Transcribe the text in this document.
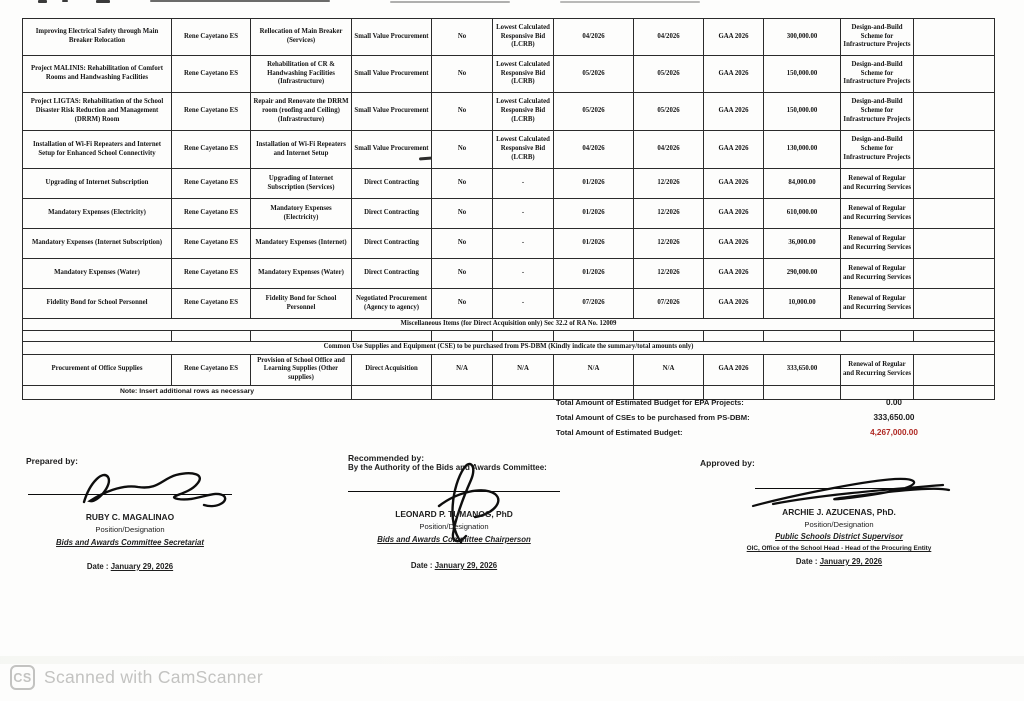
Improving Electrical Safety through Main Breaker Relocation	Rene Cayetano ES	Rellocation of Main Breaker (Services)	Small Value Procurement	No	Lowest Calculated Responsive Bid (LCRB)	04/2026	04/2026	GAA 2026	300,000.00	Design-and-Build Scheme for Infrastructure Projects	
Project MALINIS: Rehabilitation of Comfort Rooms and Handwashing Facilities	Rene Cayetano ES	Rehabilitation of CR & Handwashing Facilities (Infrastructure)	Small Value Procurement	No	Lowest Calculated Responsive Bid (LCRB)	05/2026	05/2026	GAA 2026	150,000.00	Design-and-Build Scheme for Infrastructure Projects	
Project LIGTAS: Rehabilitation of the School Disaster Risk Reduction and Management (DRRM) Room	Rene Cayetano ES	Repair and Renovate the DRRM room (roofing and Ceiling) (Infrastructure)	Small Value Procurement	No	Lowest Calculated Responsive Bid (LCRB)	05/2026	05/2026	GAA 2026	150,000.00	Design-and-Build Scheme for Infrastructure Projects	
Installation of Wi-Fi Repeaters and Internet Setup for Enhanced School Connectivity	Rene Cayetano ES	Installation of Wi-Fi Repeaters and Internet Setup	Small Value Procurement	No	Lowest Calculated Responsive Bid (LCRB)	04/2026	04/2026	GAA 2026	130,000.00	Design-and-Build Scheme for Infrastructure Projects	
Upgrading of Internet Subscription	Rene Cayetano ES	Upgrading of Internet Subscription (Services)	Direct Contracting	No	-	01/2026	12/2026	GAA 2026	84,000.00	Renewal of Regular and Recurring Services	
Mandatory Expenses (Electricity)	Rene Cayetano ES	Mandatory Expenses (Electricity)	Direct Contracting	No	-	01/2026	12/2026	GAA 2026	610,000.00	Renewal of Regular and Recurring Services	
Mandatory Expenses (Internet Subscription)	Rene Cayetano ES	Mandatory Expenses (Internet)	Direct Contracting	No	-	01/2026	12/2026	GAA 2026	36,000.00	Renewal of Regular and Recurring Services	
Mandatory Expenses (Water)	Rene Cayetano ES	Mandatory Expenses (Water)	Direct Contracting	No	-	01/2026	12/2026	GAA 2026	290,000.00	Renewal of Regular and Recurring Services	
Fidelity Bond for School Personnel	Rene Cayetano ES	Fidelity Bond for School Personnel	Negotiated Procurement (Agency to agency)	No	-	07/2026	07/2026	GAA 2026	10,000.00	Renewal of Regular and Recurring Services	
Miscellaneous Items (for Direct Acquisition only) Sec 32.2 of RA No. 12009											

Common Use Supplies and Equipment (CSE) to be purchased from PS-DBM (Kindly indicate the summary/total amounts only)											
Procurement of Office Supplies	Rene Cayetano ES	Provision of School Office and Learning Supplies (Other supplies)	Direct Acquisition	N/A	N/A	N/A	N/A	GAA 2026	333,650.00	Renewal of Regular and Recurring Services	
Note: Insert additional rows as necessary											
Total Amount of Estimated Budget for EPA Projects:	0.00
Total Amount of CSEs to be purchased from PS-DBM:	333,650.00
Total Amount of Estimated Budget:	4,267,000.00
Prepared by:
RUBY C. MAGALINAO
Position/Designation
Bids and Awards Committee Secretariat
Date : January 29, 2026
Recommended by:
By the Authority of the Bids and Awards Committee:
LEONARD P. TUMANOG, PhD
Position/Designation
Bids and Awards Committee Chairperson
Date : January 29, 2026
Approved by:
ARCHIE J. AZUCENAS, PhD.
Position/Designation
Public Schools District Supervisor
OIC, Office of the School Head - Head of the Procuring Entity
Date : January 29, 2026
CS Scanned with CamScanner
